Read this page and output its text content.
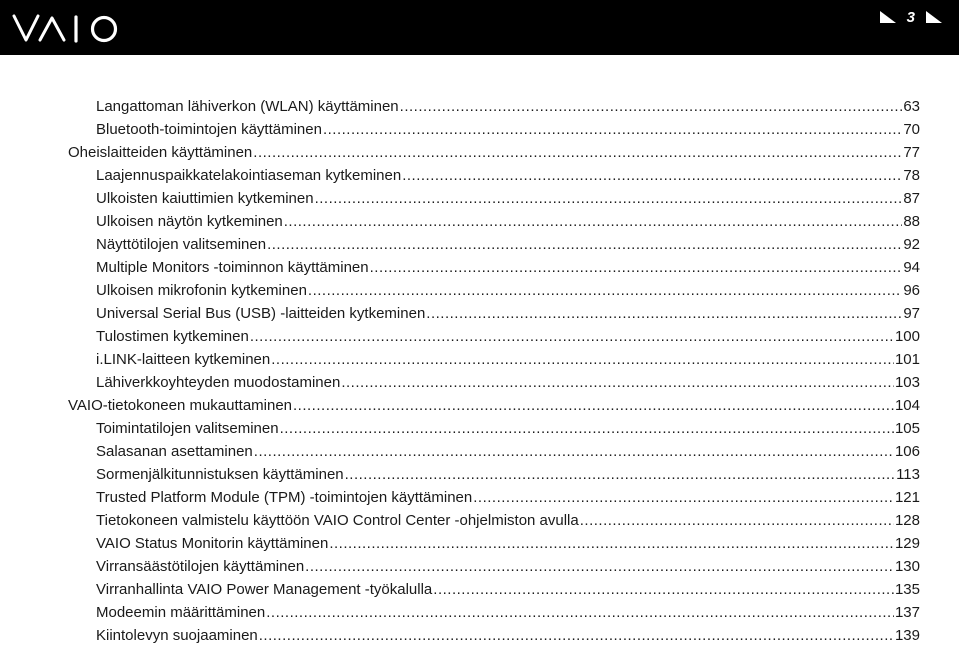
3
Langattoman lähiverkon (WLAN) käyttäminen .....	63
Bluetooth-toimintojen käyttäminen .....	70
Oheislaitteiden käyttäminen .....	77
Laajennuspaikkatelakointiaseman kytkeminen .....	78
Ulkoisten kaiuttimien kytkeminen .....	87
Ulkoisen näytön kytkeminen .....	88
Näyttötilojen valitseminen .....	92
Multiple Monitors -toiminnon käyttäminen .....	94
Ulkoisen mikrofonin kytkeminen .....	96
Universal Serial Bus (USB) -laitteiden kytkeminen .....	97
Tulostimen kytkeminen .....	100
i.LINK-laitteen kytkeminen .....	101
Lähiverkkoyhteyden muodostaminen .....	103
VAIO-tietokoneen mukauttaminen .....	104
Toimintatilojen valitseminen .....	105
Salasanan asettaminen .....	106
Sormenjälkitunnistuksen käyttäminen .....	113
Trusted Platform Module (TPM) -toimintojen käyttäminen .....	121
Tietokoneen valmistelu käyttöön VAIO Control Center -ohjelmiston avulla .....	128
VAIO Status Monitorin käyttäminen .....	129
Virransäästötilojen käyttäminen .....	130
Virranhallinta VAIO Power Management -työkalulla .....	135
Modeemin määrittäminen .....	137
Kiintolevyn suojaaminen .....	139
